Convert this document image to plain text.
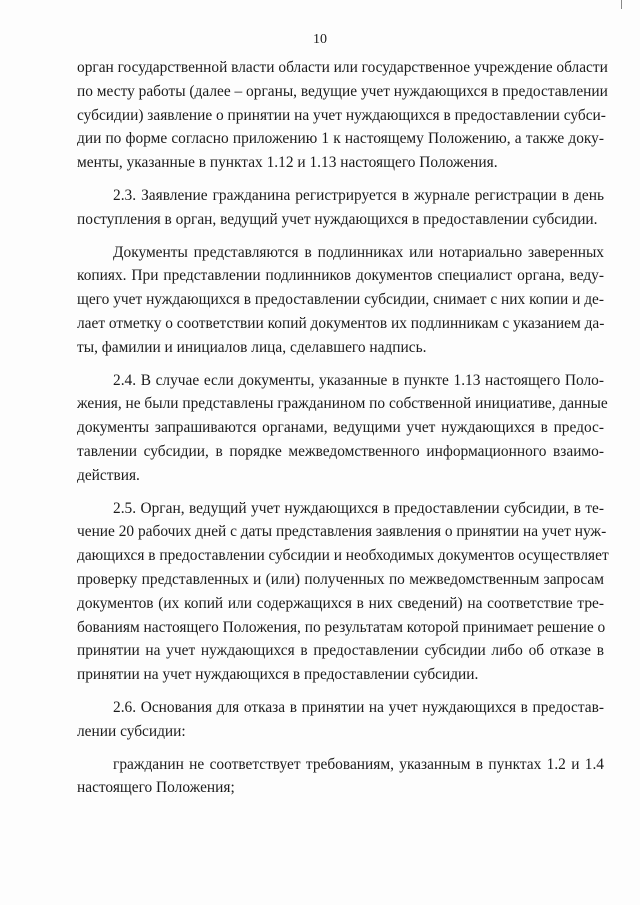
10

орган государственной власти области или государственное учреждение области
по месту работы (далее – органы, ведущие учет нуждающихся в предоставлении
субсидии) заявление о принятии на учет нуждающихся в предоставлении субси-
дии по форме согласно приложению 1 к настоящему Положению, а также доку-
менты, указанные в пунктах 1.12 и 1.13 настоящего Положения.

2.3. Заявление гражданина регистрируется в журнале регистрации в день
поступления в орган, ведущий учет нуждающихся в предоставлении субсидии.

Документы представляются в подлинниках или нотариально заверенных
копиях. При представлении подлинников документов специалист органа, веду-
щего учет нуждающихся в предоставлении субсидии, снимает с них копии и де-
лает отметку о соответствии копий документов их подлинникам с указанием да-
ты, фамилии и инициалов лица, сделавшего надпись.

2.4. В случае если документы, указанные в пункте 1.13 настоящего Поло-
жения, не были представлены гражданином по собственной инициативе, данные
документы запрашиваются органами, ведущими учет нуждающихся в предос-
тавлении субсидии, в порядке межведомственного информационного взаимо-
действия.

2.5. Орган, ведущий учет нуждающихся в предоставлении субсидии, в те-
чение 20 рабочих дней с даты представления заявления о принятии на учет нуж-
дающихся в предоставлении субсидии и необходимых документов осуществляет
проверку представленных и (или) полученных по межведомственным запросам
документов (их копий или содержащихся в них сведений) на соответствие тре-
бованиям настоящего Положения, по результатам которой принимает решение о
принятии на учет нуждающихся в предоставлении субсидии либо об отказе в
принятии на учет нуждающихся в предоставлении субсидии.

2.6. Основания для отказа в принятии на учет нуждающихся в предостав-
лении субсидии:

гражданин не соответствует требованиям, указанным в пунктах 1.2 и 1.4
настоящего Положения;
